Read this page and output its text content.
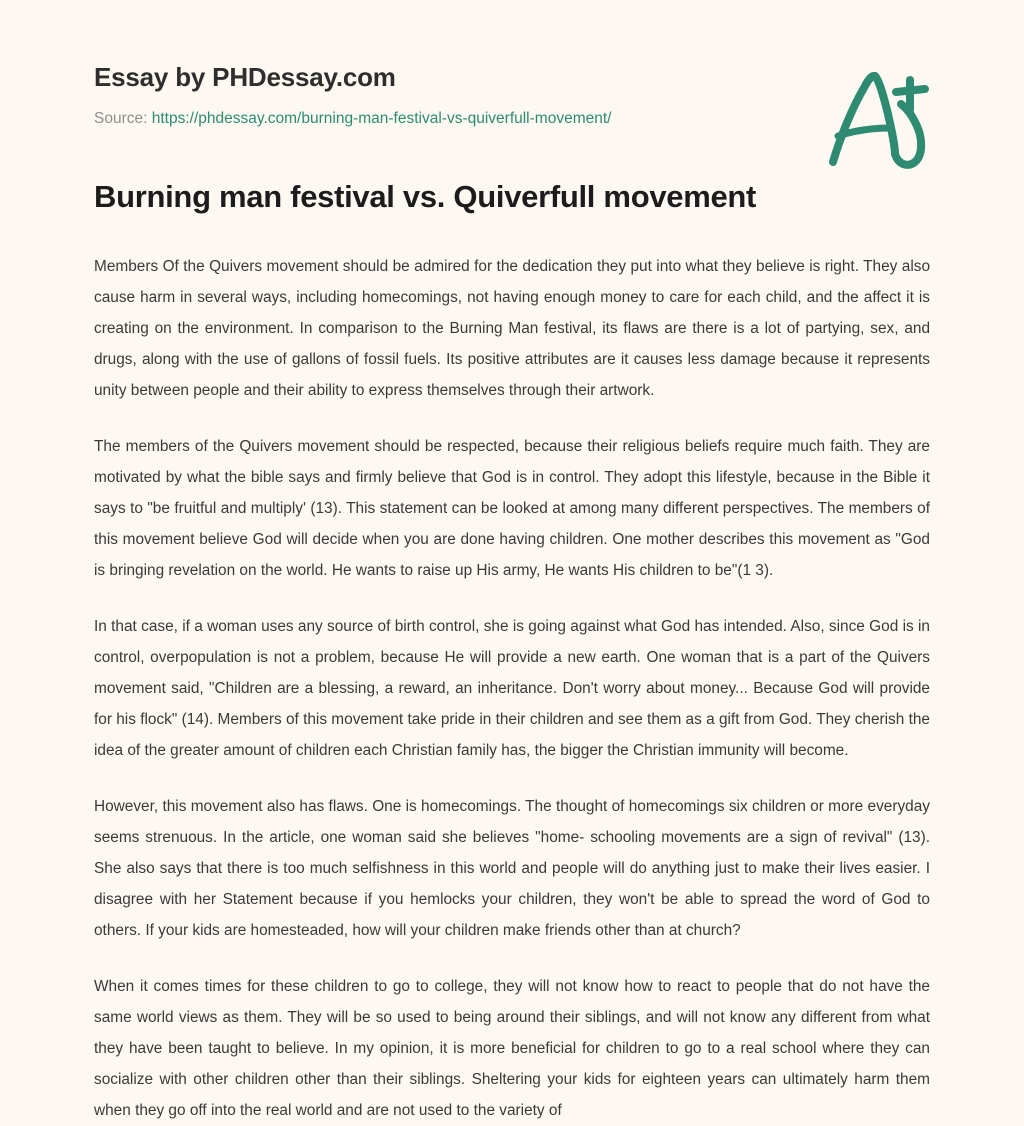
Essay by PHDessay.com
Source: https://phdessay.com/burning-man-festival-vs-quiverfull-movement/
Burning man festival vs. Quiverfull movement

Members Of the Quivers movement should be admired for the dedication they put into what they believe is right. They also cause harm in several ways, including homecomings, not having enough money to care for each child, and the affect it is creating on the environment. In comparison to the Burning Man festival, its flaws are there is a lot of partying, sex, and drugs, along with the use of gallons of fossil fuels. Its positive attributes are it causes less damage because it represents unity between people and their ability to express themselves through their artwork.

The members of the Quivers movement should be respected, because their religious beliefs require much faith. They are motivated by what the bible says and firmly believe that God is in control. They adopt this lifestyle, because in the Bible it says to "be fruitful and multiply' (13). This statement can be looked at among many different perspectives. The members of this movement believe God will decide when you are done having children. One mother describes this movement as "God is bringing revelation on the world. He wants to raise up His army, He wants His children to be"(1 3).

In that case, if a woman uses any source of birth control, she is going against what God has intended. Also, since God is in control, overpopulation is not a problem, because He will provide a new earth. One woman that is a part of the Quivers movement said, "Children are a blessing, a reward, an inheritance. Don't worry about money... Because God will provide for his flock" (14). Members of this movement take pride in their children and see them as a gift from God. They cherish the idea of the greater amount of children each Christian family has, the bigger the Christian immunity will become.

However, this movement also has flaws. One is homecomings. The thought of homecomings six children or more everyday seems strenuous. In the article, one woman said she believes "home- schooling movements are a sign of revival" (13). She also says that there is too much selfishness in this world and people will do anything just to make their lives easier. I disagree with her Statement because if you hemlocks your children, they won't be able to spread the word of God to others. If your kids are homesteaded, how will your children make friends other than at church?

When it comes times for these children to go to college, they will not know how to react to people that do not have the same world views as them. They will be so used to being around their siblings, and will not know any different from what they have been taught to believe. In my opinion, it is more beneficial for children to go to a real school where they can socialize with other children other than their siblings. Sheltering your kids for eighteen years can ultimately harm them when they go off into the real world and are not used to the variety of
